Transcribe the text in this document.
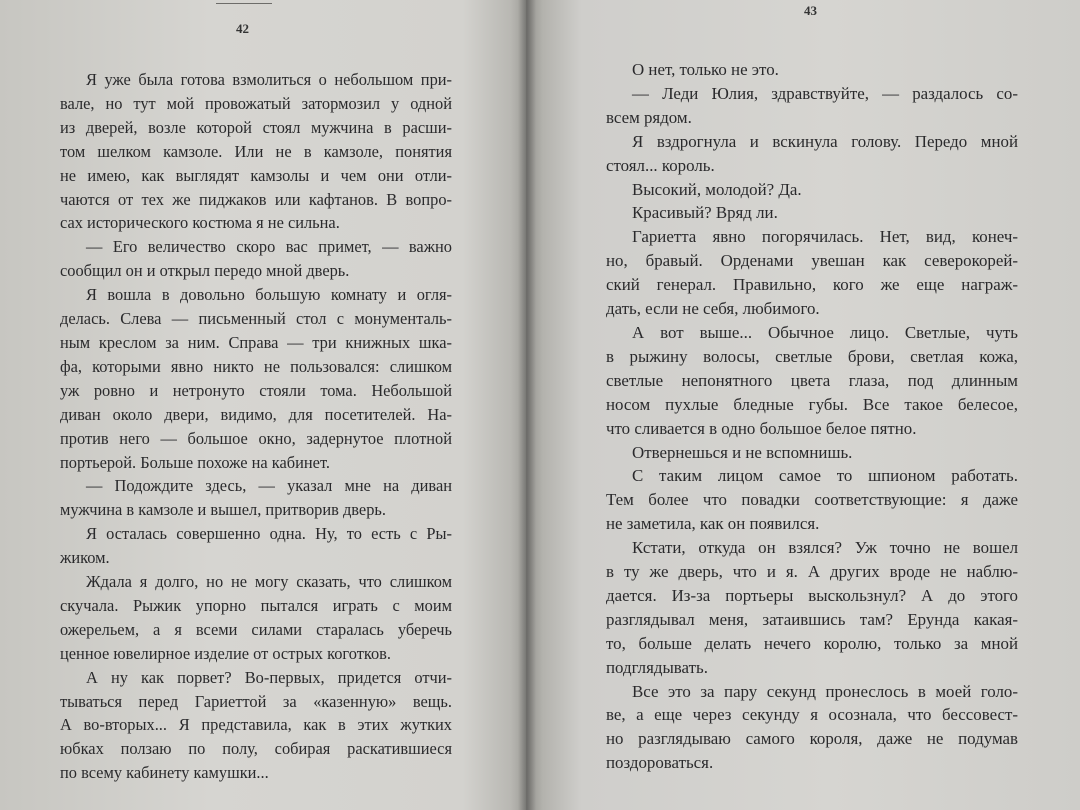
42
Я уже была готова взмолиться о небольшом при-
вале, но тут мой провожатый затормозил у одной
из дверей, возле которой стоял мужчина в расши-
том шелком камзоле. Или не в камзоле, понятия
не имею, как выглядят камзолы и чем они отли-
чаются от тех же пиджаков или кафтанов. В вопро-
сах исторического костюма я не сильна.
— Его величество скоро вас примет, — важно
сообщил он и открыл передо мной дверь.
Я вошла в довольно большую комнату и огля-
делась. Слева — письменный стол с монументаль-
ным креслом за ним. Справа — три книжных шка-
фа, которыми явно никто не пользовался: слишком
уж ровно и нетронуто стояли тома. Небольшой
диван около двери, видимо, для посетителей. На-
против него — большое окно, задернутое плотной
портьерой. Больше похоже на кабинет.
— Подождите здесь, — указал мне на диван
мужчина в камзоле и вышел, притворив дверь.
Я осталась совершенно одна. Ну, то есть с Ры-
жиком.
Ждала я долго, но не могу сказать, что слишком
скучала. Рыжик упорно пытался играть с моим
ожерельем, а я всеми силами старалась уберечь
ценное ювелирное изделие от острых коготков.
А ну как порвет? Во-первых, придется отчи-
тываться перед Гариеттой за «казенную» вещь.
А во-вторых... Я представила, как в этих жутких
юбках ползаю по полу, собирая раскатившиеся
по всему кабинету камушки...
43
О нет, только не это.
— Леди Юлия, здравствуйте, — раздалось со-
всем рядом.
Я вздрогнула и вскинула голову. Передо мной
стоял... король.
Высокий, молодой? Да.
Красивый? Вряд ли.
Гариетта явно погорячилась. Нет, вид, конеч-
но, бравый. Орденами увешан как северокорей-
ский генерал. Правильно, кого же еще награж-
дать, если не себя, любимого.
А вот выше... Обычное лицо. Светлые, чуть
в рыжину волосы, светлые брови, светлая кожа,
светлые непонятного цвета глаза, под длинным
носом пухлые бледные губы. Все такое белесое,
что сливается в одно большое белое пятно.
Отвернешься и не вспомнишь.
С таким лицом самое то шпионом работать.
Тем более что повадки соответствующие: я даже
не заметила, как он появился.
Кстати, откуда он взялся? Уж точно не вошел
в ту же дверь, что и я. А других вроде не наблю-
дается. Из-за портьеры выскользнул? А до этого
разглядывал меня, затаившись там? Ерунда какая-
то, больше делать нечего королю, только за мной
подглядывать.
Все это за пару секунд пронеслось в моей голо-
ве, а еще через секунду я осознала, что бессовест-
но разглядываю самого короля, даже не подумав
поздороваться.
